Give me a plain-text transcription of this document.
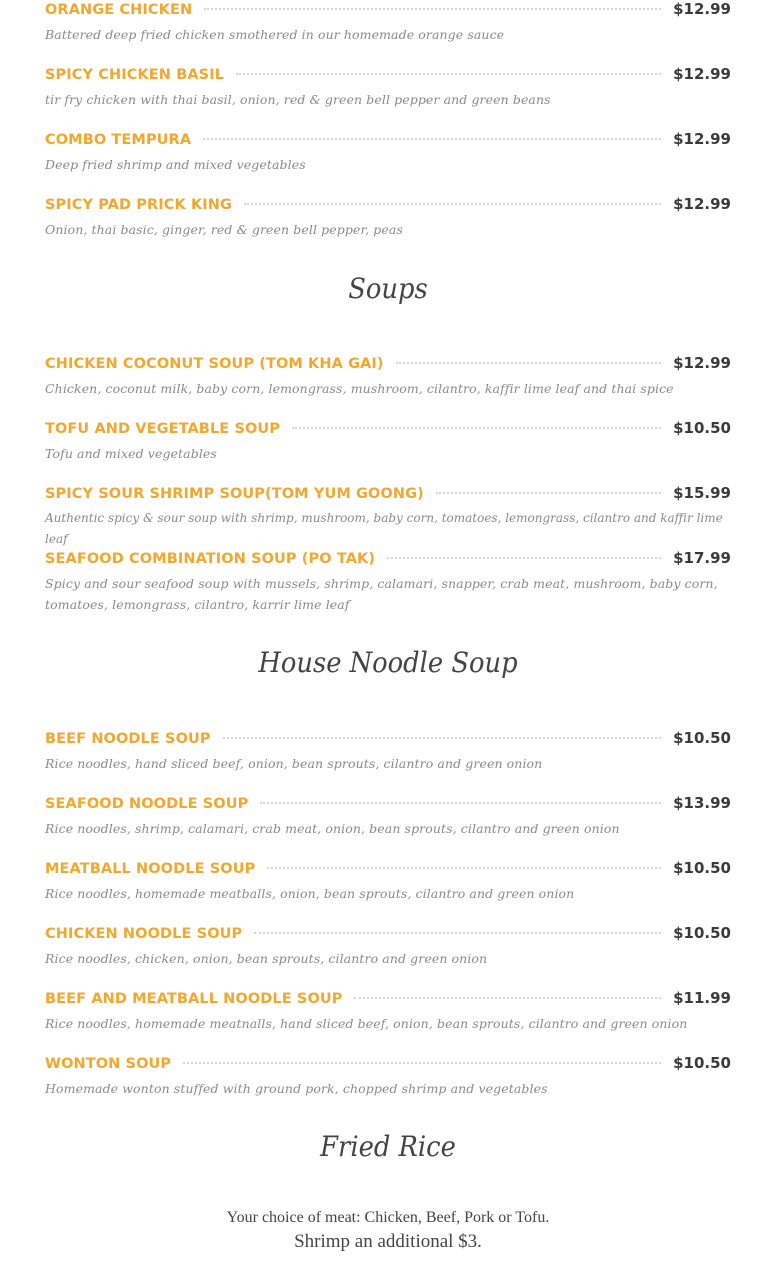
ORANGE CHICKEN	$12.99
Battered deep fried chicken smothered in our homemade orange sauce
SPICY CHICKEN BASIL	$12.99
tir fry chicken with thai basil, onion, red & green bell pepper and green beans
COMBO TEMPURA	$12.99
Deep fried shrimp and mixed vegetables
SPICY PAD PRICK KING	$12.99
Onion, thai basic, ginger, red & green bell pepper, peas
Soups
CHICKEN COCONUT SOUP (TOM KHA GAI)	$12.99
Chicken, coconut milk, baby corn, lemongrass, mushroom, cilantro, kaffir lime leaf and thai spice
TOFU AND VEGETABLE SOUP	$10.50
Tofu and mixed vegetables
SPICY SOUR SHRIMP SOUP(TOM YUM GOONG)	$15.99
Authentic spicy & sour soup with shrimp, mushroom, baby corn, tomatoes, lemongrass, cilantro and kaffir lime leaf
SEAFOOD COMBINATION SOUP (PO TAK)	$17.99
Spicy and sour seafood soup with mussels, shrimp, calamari, snapper, crab meat, mushroom, baby corn, tomatoes, lemongrass, cilantro, karrir lime leaf
House Noodle Soup
BEEF NOODLE SOUP	$10.50
Rice noodles, hand sliced beef, onion, bean sprouts, cilantro and green onion
SEAFOOD NOODLE SOUP	$13.99
Rice noodles, shrimp, calamari, crab meat, onion, bean sprouts, cilantro and green onion
MEATBALL NOODLE SOUP	$10.50
Rice noodles, homemade meatballs, onion, bean sprouts, cilantro and green onion
CHICKEN NOODLE SOUP	$10.50
Rice noodles, chicken, onion, bean sprouts, cilantro and green onion
BEEF AND MEATBALL NOODLE SOUP	$11.99
Rice noodles, homemade meatnalls, hand sliced beef, onion, bean sprouts, cilantro and green onion
WONTON SOUP	$10.50
Homemade wonton stuffed with ground pork, chopped shrimp and vegetables
Fried Rice
Your choice of meat: Chicken, Beef, Pork or Tofu.
Shrimp an additional $3.
